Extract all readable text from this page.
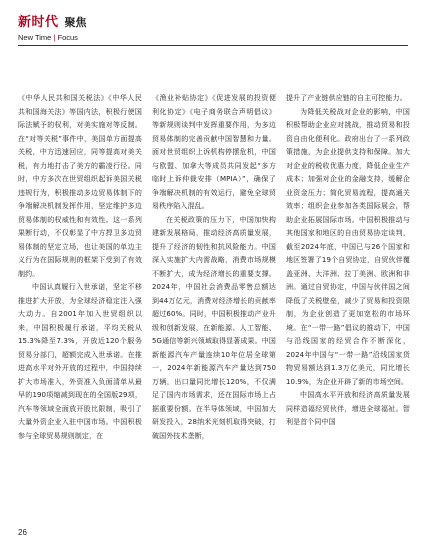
新时代 聚焦
New Time | Focus

《中华人民共和国关税法》《中华人民共和国海关法》等国内法，积极行使国际法赋予的权利，对美实施对等反制。在“对等关税”事件中，美国单方面提高关税，中方迅速回应，同等提高对美关税，有力地打击了美方的霸凌行径。同时，中方多次在世贸组织起诉美国关税违规行为，积极推动多边贸易体制下的争端解决机制发挥作用，坚定维护多边贸易体制的权威性和有效性。这一系列果断行动，不仅彰显了中方捍卫多边贸易体制的坚定立场，也让美国的单边主义行为在国际规则的框架下受到了有效制约。

中国认真履行入世承诺，坚定不移推进扩大开放，为全球经济稳定注入强大动力。自2001年加入世贸组织以来，中国积极履行承诺，平均关税从15.3%降至7.3%，开放近120个服务贸易分部门，超额完成入世承诺。在推进高水平对外开放的过程中，中国持续扩大市场准入，外资准入负面清单从最早的190项缩减到现在的全国版29项，汽车等领域全面放开股比限制，吸引了大量外资企业入驻中国市场。中国积极参与全球贸易规则制定，在

《渔业补贴协定》《促进发展的投资便利化协定》《电子商务联合声明倡议》等新规则谈判中发挥重要作用，为多边贸易体制的完善贡献中国智慧和力量。面对世贸组织上诉机构停摆危机，中国与欧盟、加拿大等成员共同发起“多方临时上诉仲裁安排（MPIA）”，确保了争端解决机制的有效运行，避免全球贸易秩序陷入混乱。

在关税政策的压力下，中国加快构建新发展格局，推动经济高质量发展，提升了经济的韧性和抗风险能力。中国深入实施扩大内需战略，消费市场规模不断扩大，成为经济增长的重要支撑。2024年，中国社会消费品零售总额达到44万亿元，消费对经济增长的贡献率超过60%。同时，中国积极推动产业升级和创新发展，在新能源、人工智能、5G通信等新兴领域取得显著成果。中国新能源汽车产量连续10年位居全球第一，2024年新能源汽车产量达到750万辆，出口量同比增长120%，不仅满足了国内市场需求，还在国际市场上占据重要份额。在半导体领域，中国加大研发投入，28纳米光刻机取得突破，打破国外技术垄断，

提升了产业链供应链的自主可控能力。

为降低关税战对企业的影响，中国积极帮助企业应对挑战，推动贸易和投资自由化便利化。政府出台了一系列政策措施，为企业提供支持和保障。加大对企业的税收优惠力度，降低企业生产成本；加强对企业的金融支持，缓解企业资金压力；简化贸易流程，提高通关效率；组织企业参加各类国际展会，帮助企业拓展国际市场。中国积极推动与其他国家和地区的自由贸易协定谈判，截至2024年底，中国已与26个国家和地区签署了19个自贸协定，自贸伙伴覆盖亚洲、大洋洲、拉丁美洲、欧洲和非洲。通过自贸协定，中国与伙伴国之间降低了关税壁垒，减少了贸易和投资限制，为企业创造了更加宽松的市场环境。在“一带一路”倡议的推动下，中国与沿线国家的经贸合作不断深化，2024年中国与“一带一路”沿线国家货物贸易额达到1.3万亿美元，同比增长10.9%，为企业开辟了新的市场空间。

中国高水平开放和经济高质量发展同样造福经贸伙伴，增进全球福祉。智利是首个同中国

26
